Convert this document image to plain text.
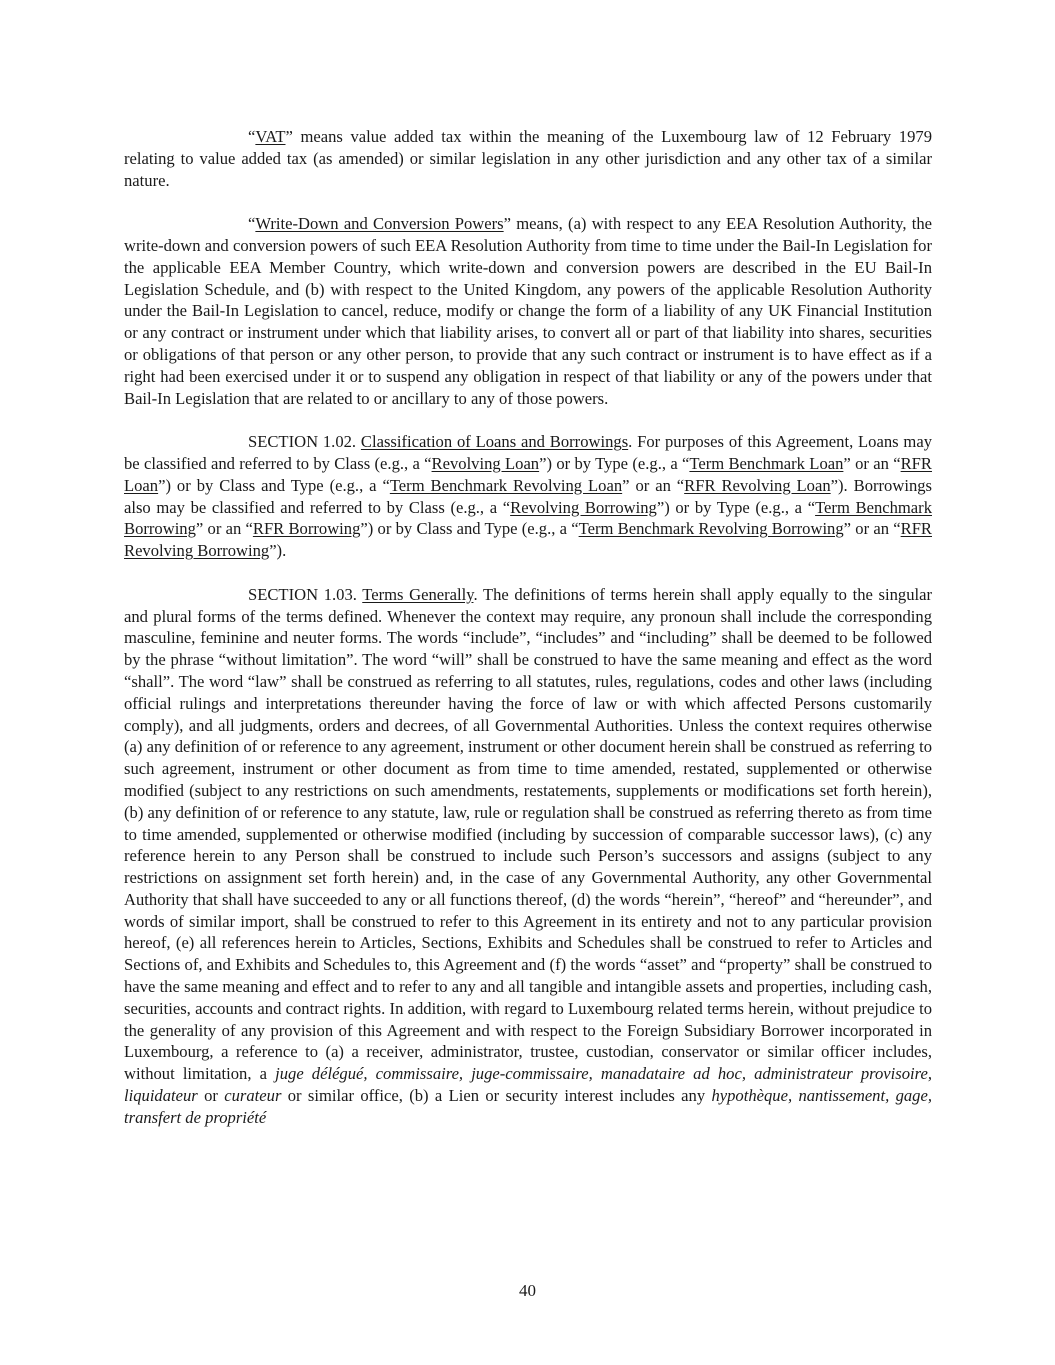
“VAT” means value added tax within the meaning of the Luxembourg law of 12 February 1979 relating to value added tax (as amended) or similar legislation in any other jurisdiction and any other tax of a similar nature.

“Write-Down and Conversion Powers” means, (a) with respect to any EEA Resolution Authority, the write-down and conversion powers of such EEA Resolution Authority from time to time under the Bail-In Legislation for the applicable EEA Member Country, which write-down and conversion powers are described in the EU Bail-In Legislation Schedule, and (b) with respect to the United Kingdom, any powers of the applicable Resolution Authority under the Bail-In Legislation to cancel, reduce, modify or change the form of a liability of any UK Financial Institution or any contract or instrument under which that liability arises, to convert all or part of that liability into shares, securities or obligations of that person or any other person, to provide that any such contract or instrument is to have effect as if a right had been exercised under it or to suspend any obligation in respect of that liability or any of the powers under that Bail-In Legislation that are related to or ancillary to any of those powers.

SECTION 1.02. Classification of Loans and Borrowings. For purposes of this Agreement, Loans may be classified and referred to by Class (e.g., a “Revolving Loan”) or by Type (e.g., a “Term Benchmark Loan” or an “RFR Loan”) or by Class and Type (e.g., a “Term Benchmark Revolving Loan” or an “RFR Revolving Loan”). Borrowings also may be classified and referred to by Class (e.g., a “Revolving Borrowing”) or by Type (e.g., a “Term Benchmark Borrowing” or an “RFR Borrowing”) or by Class and Type (e.g., a “Term Benchmark Revolving Borrowing” or an “RFR Revolving Borrowing”).

SECTION 1.03. Terms Generally. The definitions of terms herein shall apply equally to the singular and plural forms of the terms defined. Whenever the context may require, any pronoun shall include the corresponding masculine, feminine and neuter forms. The words “include”, “includes” and “including” shall be deemed to be followed by the phrase “without limitation”. The word “will” shall be construed to have the same meaning and effect as the word “shall”. The word “law” shall be construed as referring to all statutes, rules, regulations, codes and other laws (including official rulings and interpretations thereunder having the force of law or with which affected Persons customarily comply), and all judgments, orders and decrees, of all Governmental Authorities. Unless the context requires otherwise (a) any definition of or reference to any agreement, instrument or other document herein shall be construed as referring to such agreement, instrument or other document as from time to time amended, restated, supplemented or otherwise modified (subject to any restrictions on such amendments, restatements, supplements or modifications set forth herein), (b) any definition of or reference to any statute, law, rule or regulation shall be construed as referring thereto as from time to time amended, supplemented or otherwise modified (including by succession of comparable successor laws), (c) any reference herein to any Person shall be construed to include such Person’s successors and assigns (subject to any restrictions on assignment set forth herein) and, in the case of any Governmental Authority, any other Governmental Authority that shall have succeeded to any or all functions thereof, (d) the words “herein”, “hereof” and “hereunder”, and words of similar import, shall be construed to refer to this Agreement in its entirety and not to any particular provision hereof, (e) all references herein to Articles, Sections, Exhibits and Schedules shall be construed to refer to Articles and Sections of, and Exhibits and Schedules to, this Agreement and (f) the words “asset” and “property” shall be construed to have the same meaning and effect and to refer to any and all tangible and intangible assets and properties, including cash, securities, accounts and contract rights. In addition, with regard to Luxembourg related terms herein, without prejudice to the generality of any provision of this Agreement and with respect to the Foreign Subsidiary Borrower incorporated in Luxembourg, a reference to (a) a receiver, administrator, trustee, custodian, conservator or similar officer includes, without limitation, a juge délégué, commissaire, juge-commissaire, manadataire ad hoc, administrateur provisoire, liquidateur or curateur or similar office, (b) a Lien or security interest includes any hypothèque, nantissement, gage, transfert de propriété

40
